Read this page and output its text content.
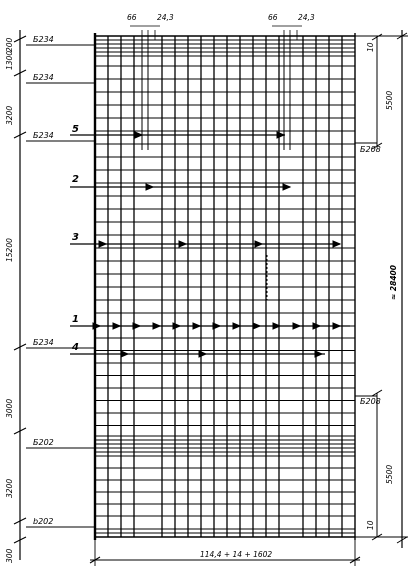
66	24,3	66	24,3
200
1300
3200
15200
3000
3200
300
Б234
Б234
Б234
Б234
Б202
b202
5500
≈ 28400
5500
10
10
Б208
Б208
114,4 + 14 + 1602
1
2
3
4
5
